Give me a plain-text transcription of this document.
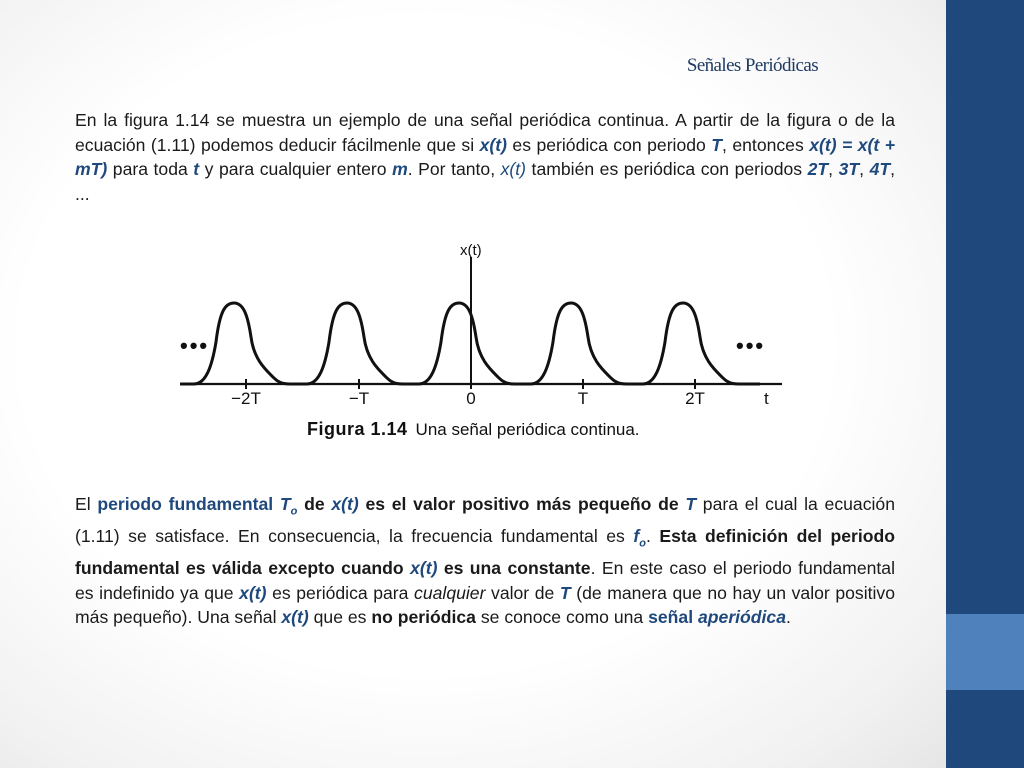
Señales Periódicas

En la figura 1.14 se muestra un ejemplo de una señal periódica continua. A partir de la figura o de la ecuación (1.11) podemos deducir fácilmenle que si x(t) es periódica con periodo T, entonces x(t) = x(t + mT) para toda t y para cualquier entero m. Por tanto, x(t) también es periódica con periodos 2T, 3T, 4T, ...

x(t)
t
•••	•••
−2T	−T	0	T	2T
Figura 1.14 Una señal periódica continua.

El periodo fundamental $T_o$ de x(t) es el valor positivo más pequeño de T para el cual la ecuación (1.11) se satisface. En consecuencia, la frecuencia fundamental es $f_o$. Esta definición del periodo fundamental es válida excepto cuando x(t) es una constante. En este caso el periodo fundamental es indefinido ya que x(t) es periódica para cualquier valor de T (de manera que no hay un valor positivo más pequeño). Una señal x(t) que es no periódica se conoce como una señal aperiódica.
